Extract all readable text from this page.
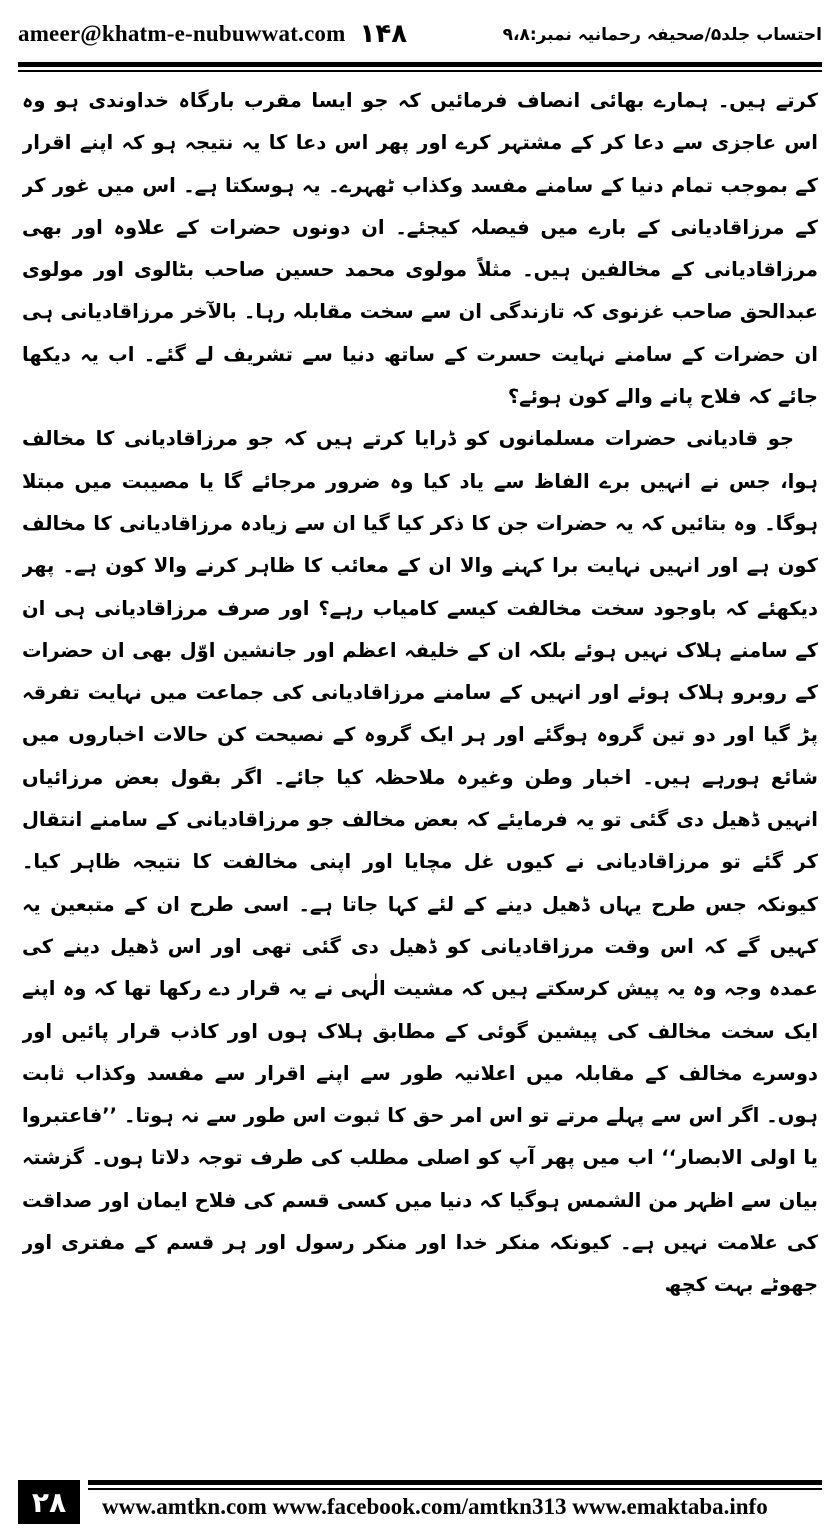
ameer@khatm-e-nubuwwat.com ۱۴۸	احتساب جلد۵/صحیفہ رحمانیہ نمبر:۹،۸

کرتے ہیں۔ ہمارے بھائی انصاف فرمائیں کہ جو ایسا مقرب بارگاہ خداوندی ہو وہ اس عاجزی سے دعا کر کے مشتہر کرے اور پھر اس دعا کا یہ نتیجہ ہو کہ اپنے اقرار کے بموجب تمام دنیا کے سامنے مفسد وکذاب ٹھہرے۔ یہ ہوسکتا ہے۔ اس میں غور کر کے مرزاقادیانی کے بارے میں فیصلہ کیجئے۔ ان دونوں حضرات کے علاوہ اور بھی مرزاقادیانی کے مخالفین ہیں۔ مثلاً مولوی محمد حسین صاحب بٹالوی اور مولوی عبدالحق صاحب غزنوی کہ تازندگی ان سے سخت مقابلہ رہا۔ بالآخر مرزاقادیانی ہی ان حضرات کے سامنے نہایت حسرت کے ساتھ دنیا سے تشریف لے گئے۔ اب یہ دیکھا جائے کہ فلاح پانے والے کون ہوئے؟

جو قادیانی حضرات مسلمانوں کو ڈرایا کرتے ہیں کہ جو مرزاقادیانی کا مخالف ہوا، جس نے انہیں برے الفاظ سے یاد کیا وہ ضرور مرجائے گا یا مصیبت میں مبتلا ہوگا۔ وہ بتائیں کہ یہ حضرات جن کا ذکر کیا گیا ان سے زیادہ مرزاقادیانی کا مخالف کون ہے اور انہیں نہایت برا کہنے والا ان کے معائب کا ظاہر کرنے والا کون ہے۔ پھر دیکھئے کہ باوجود سخت مخالفت کیسے کامیاب رہے؟ اور صرف مرزاقادیانی ہی ان کے سامنے ہلاک نہیں ہوئے بلکہ ان کے خلیفہ اعظم اور جانشین اوّل بھی ان حضرات کے روبرو ہلاک ہوئے اور انہیں کے سامنے مرزاقادیانی کی جماعت میں نہایت تفرقہ پڑ گیا اور دو تین گروہ ہوگئے اور ہر ایک گروہ کے نصیحت کن حالات اخباروں میں شائع ہورہے ہیں۔ اخبار وطن وغیرہ ملاحظہ کیا جائے۔ اگر بقول بعض مرزائیاں انہیں ڈھیل دی گئی تو یہ فرمایئے کہ بعض مخالف جو مرزاقادیانی کے سامنے انتقال کر گئے تو مرزاقادیانی نے کیوں غل مچایا اور اپنی مخالفت کا نتیجہ ظاہر کیا۔ کیونکہ جس طرح یہاں ڈھیل دینے کے لئے کہا جاتا ہے۔ اسی طرح ان کے متبعین یہ کہیں گے کہ اس وقت مرزاقادیانی کو ڈھیل دی گئی تھی اور اس ڈھیل دینے کی عمدہ وجہ وہ یہ پیش کرسکتے ہیں کہ مشیت الٰہی نے یہ قرار دے رکھا تھا کہ وہ اپنے ایک سخت مخالف کی پیشین گوئی کے مطابق ہلاک ہوں اور کاذب قرار پائیں اور دوسرے مخالف کے مقابلہ میں اعلانیہ طور سے اپنے اقرار سے مفسد وکذاب ثابت ہوں۔ اگر اس سے پہلے مرتے تو اس امر حق کا ثبوت اس طور سے نہ ہوتا۔ ’’فاعتبروا یا اولی الابصار‘‘ اب میں پھر آپ کو اصلی مطلب کی طرف توجہ دلاتا ہوں۔ گزشتہ بیان سے اظہر من الشمس ہوگیا کہ دنیا میں کسی قسم کی فلاح ایمان اور صداقت کی علامت نہیں ہے۔ کیونکہ منکر خدا اور منکر رسول اور ہر قسم کے مفتری اور جھوٹے بہت کچھ

۲۸	www.amtkn.com www.facebook.com/amtkn313 www.emaktaba.info
